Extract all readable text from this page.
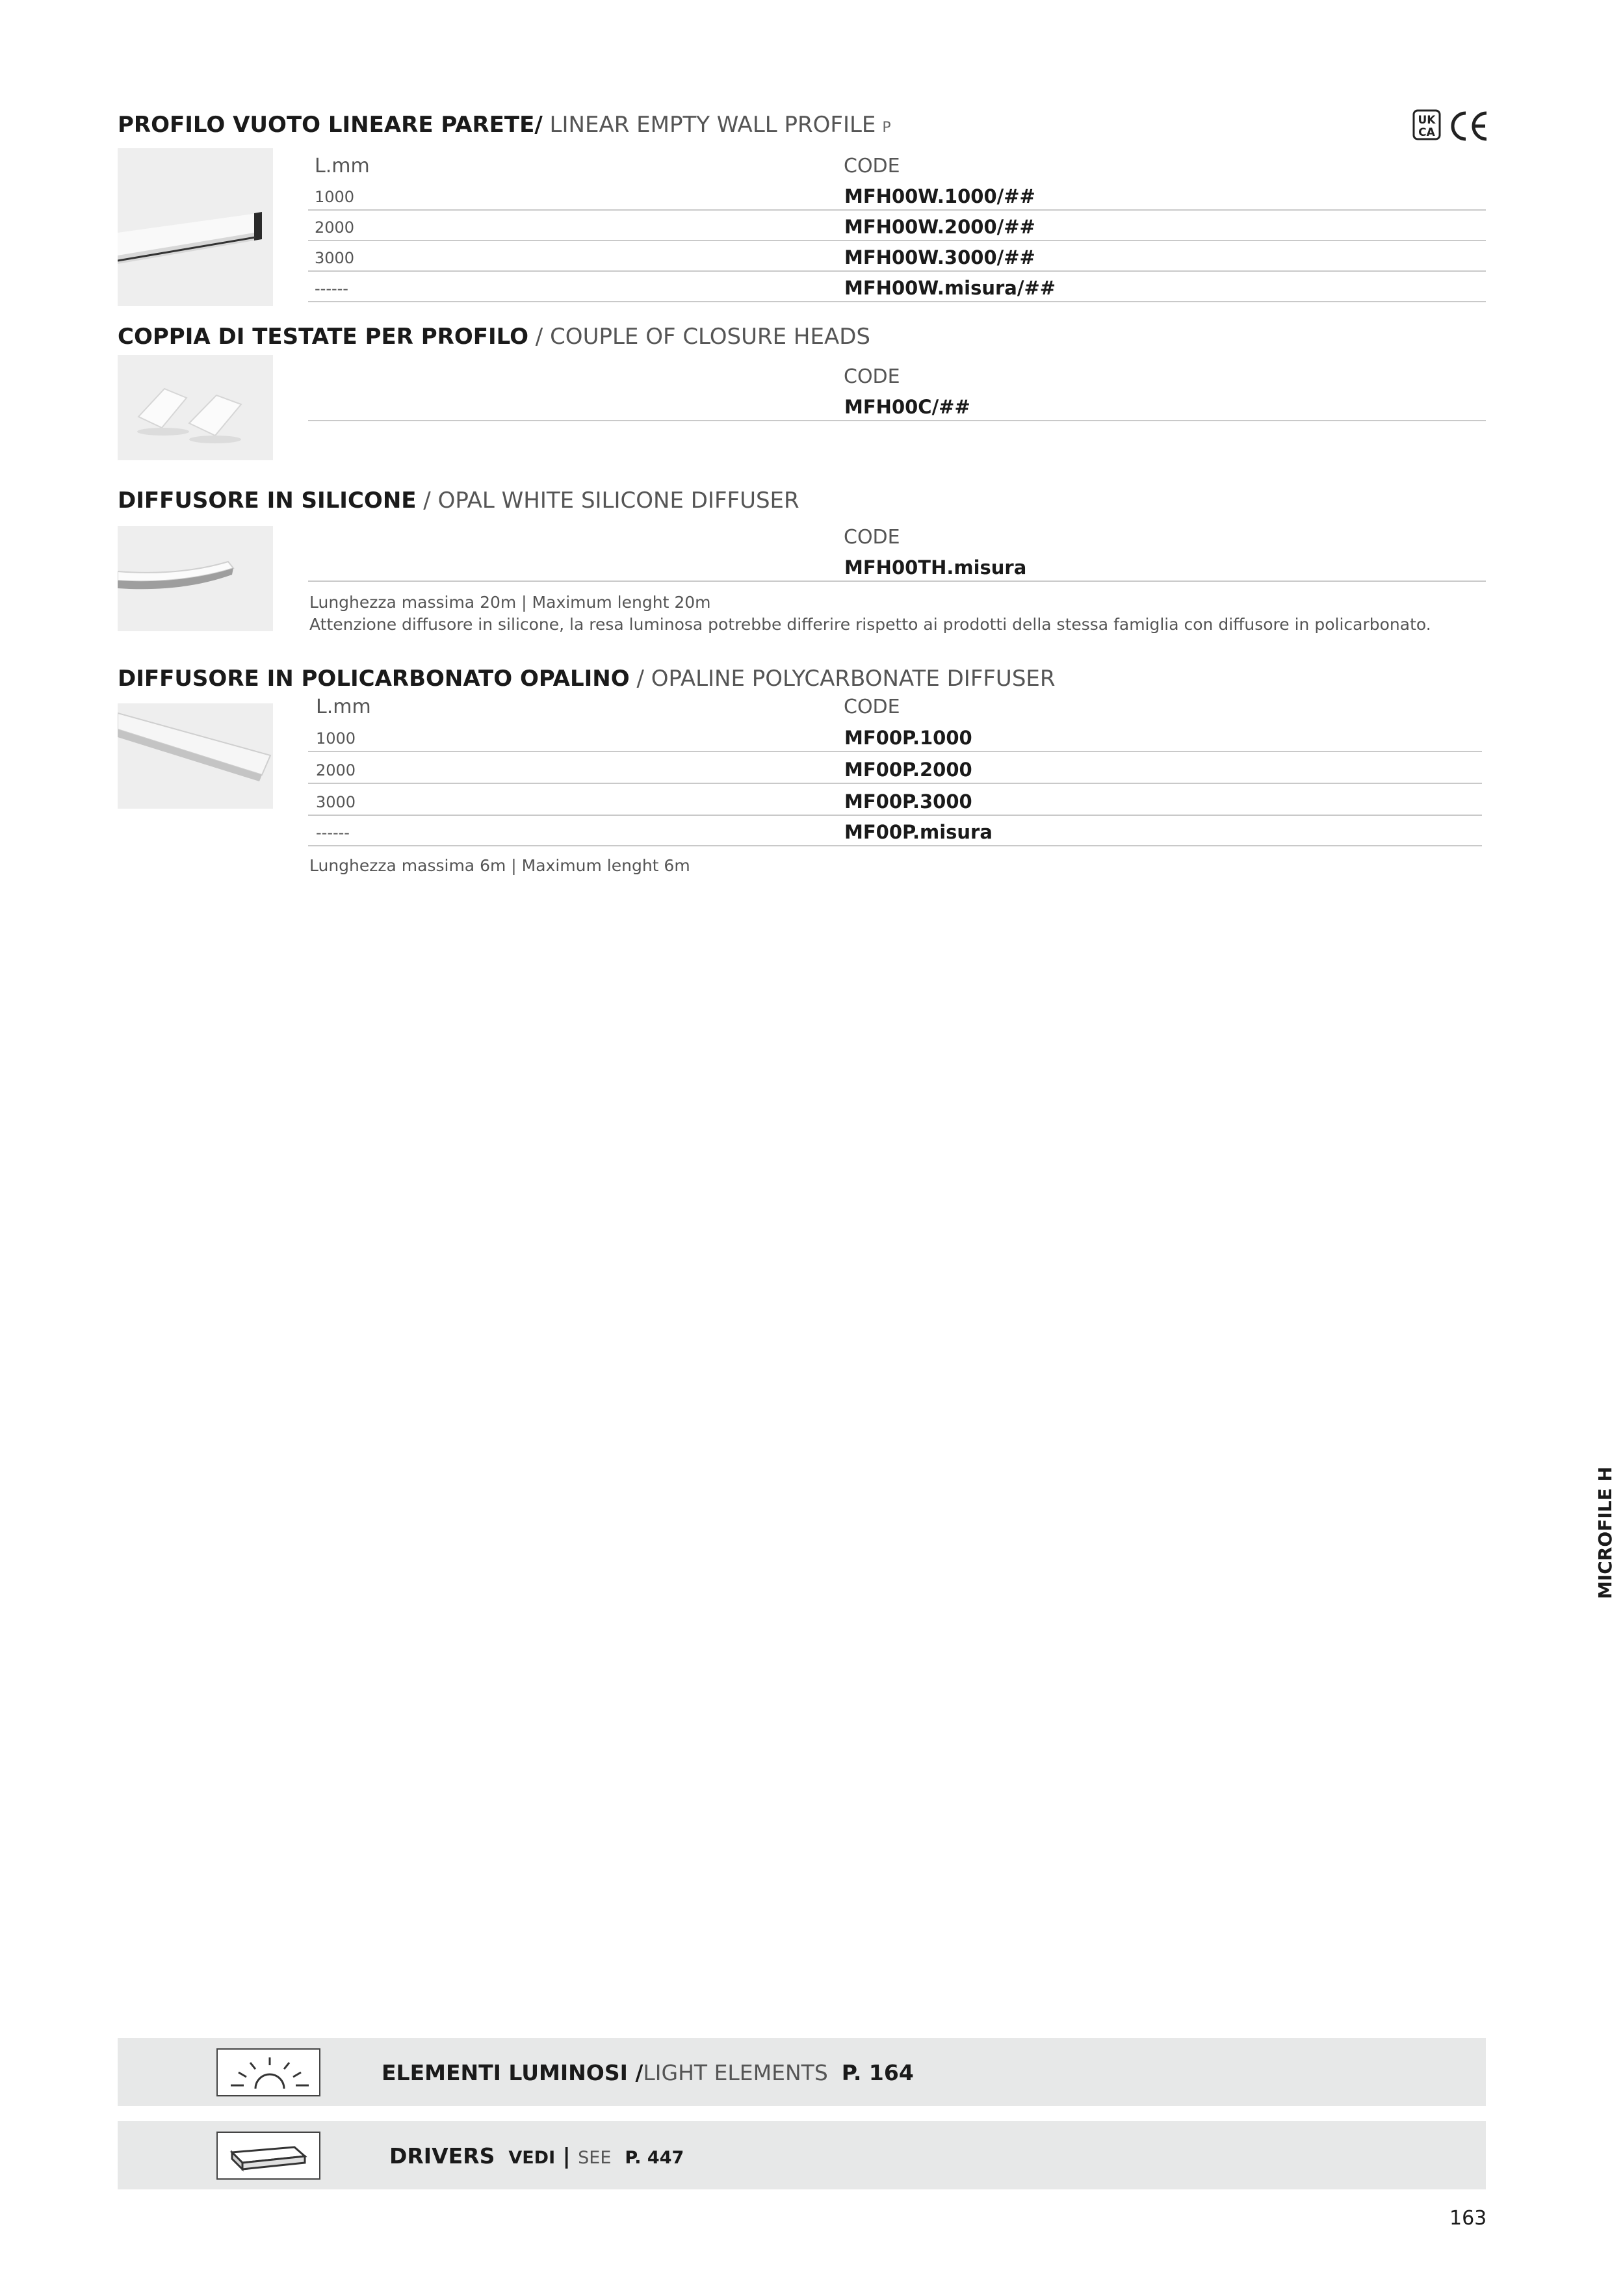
PROFILO VUOTO LINEARE PARETE/ LINEAR EMPTY WALL PROFILE P	UK
CA
L.mm	CODE
1000	MFH00W.1000/##
2000	MFH00W.2000/##
3000	MFH00W.3000/##
------	MFH00W.misura/##
COPPIA DI TESTATE PER PROFILO / COUPLE OF CLOSURE HEADS
CODE
MFH00C/##
DIFFUSORE IN SILICONE / OPAL WHITE SILICONE DIFFUSER
CODE
MFH00TH.misura
Lunghezza massima 20m | Maximum lenght 20m
Attenzione diffusore in silicone, la resa luminosa potrebbe differire rispetto ai prodotti della stessa famiglia con diffusore in policarbonato.
DIFFUSORE IN POLICARBONATO OPALINO / OPALINE POLYCARBONATE DIFFUSER
L.mm	CODE
1000	MF00P.1000
2000	MF00P.2000
3000	MF00P.3000
------	MF00P.misura
Lunghezza massima 6m | Maximum lenght 6m
MICROFILE H
ELEMENTI LUMINOSI /LIGHT ELEMENTS P. 164
DRIVERS VEDI | SEE P. 447
163
